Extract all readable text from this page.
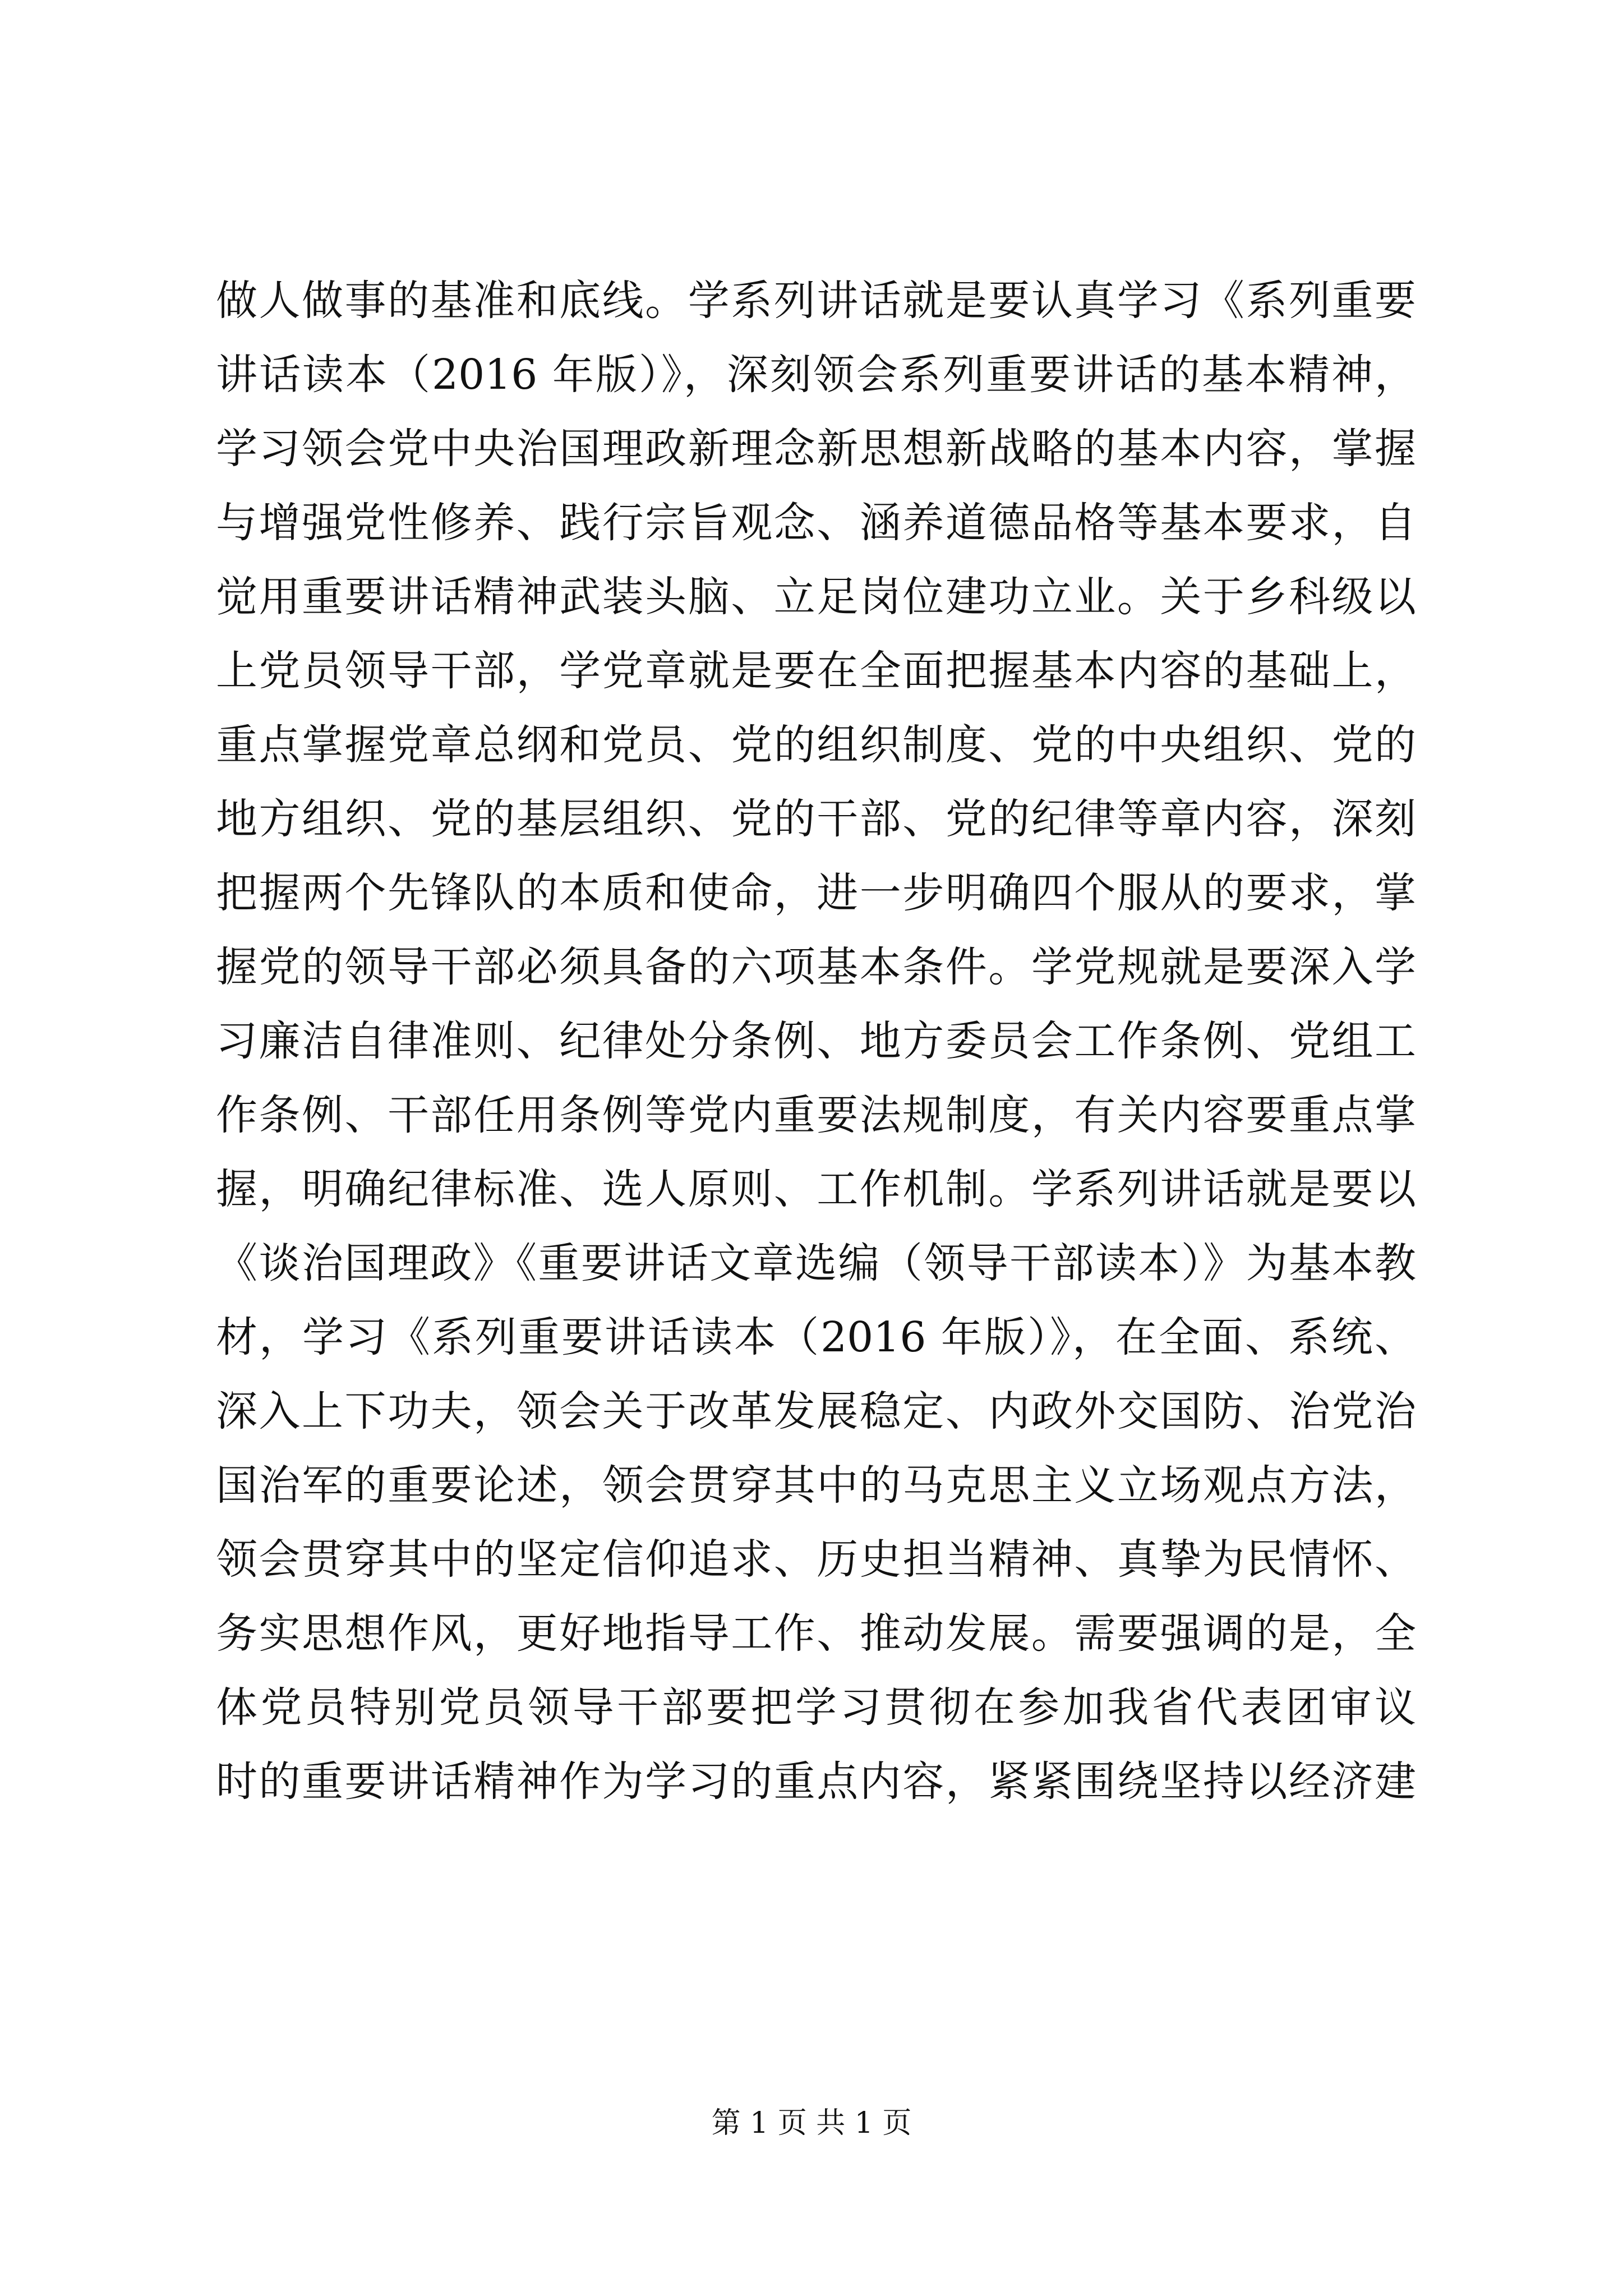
做人做事的基准和底线。学系列讲话就是要认真学习《系列重要
讲话读本（2016 年版）》，深刻领会系列重要讲话的基本精神，
学习领会党中央治国理政新理念新思想新战略的基本内容，掌握
与增强党性修养、践行宗旨观念、涵养道德品格等基本要求，自
觉用重要讲话精神武装头脑、立足岗位建功立业。关于乡科级以
上党员领导干部，学党章就是要在全面把握基本内容的基础上，
重点掌握党章总纲和党员、党的组织制度、党的中央组织、党的
地方组织、党的基层组织、党的干部、党的纪律等章内容，深刻
把握两个先锋队的本质和使命，进一步明确四个服从的要求，掌
握党的领导干部必须具备的六项基本条件。学党规就是要深入学
习廉洁自律准则、纪律处分条例、地方委员会工作条例、党组工
作条例、干部任用条例等党内重要法规制度，有关内容要重点掌
握，明确纪律标准、选人原则、工作机制。学系列讲话就是要以
《谈治国理政》《重要讲话文章选编（领导干部读本）》为基本教
材，学习《系列重要讲话读本（2016 年版）》，在全面、系统、
深入上下功夫，领会关于改革发展稳定、内政外交国防、治党治
国治军的重要论述，领会贯穿其中的马克思主义立场观点方法，
领会贯穿其中的坚定信仰追求、历史担当精神、真挚为民情怀、
务实思想作风，更好地指导工作、推动发展。需要强调的是，全
体党员特别党员领导干部要把学习贯彻在参加我省代表团审议
时的重要讲话精神作为学习的重点内容，紧紧围绕坚持以经济建
第 1 页 共 1 页
